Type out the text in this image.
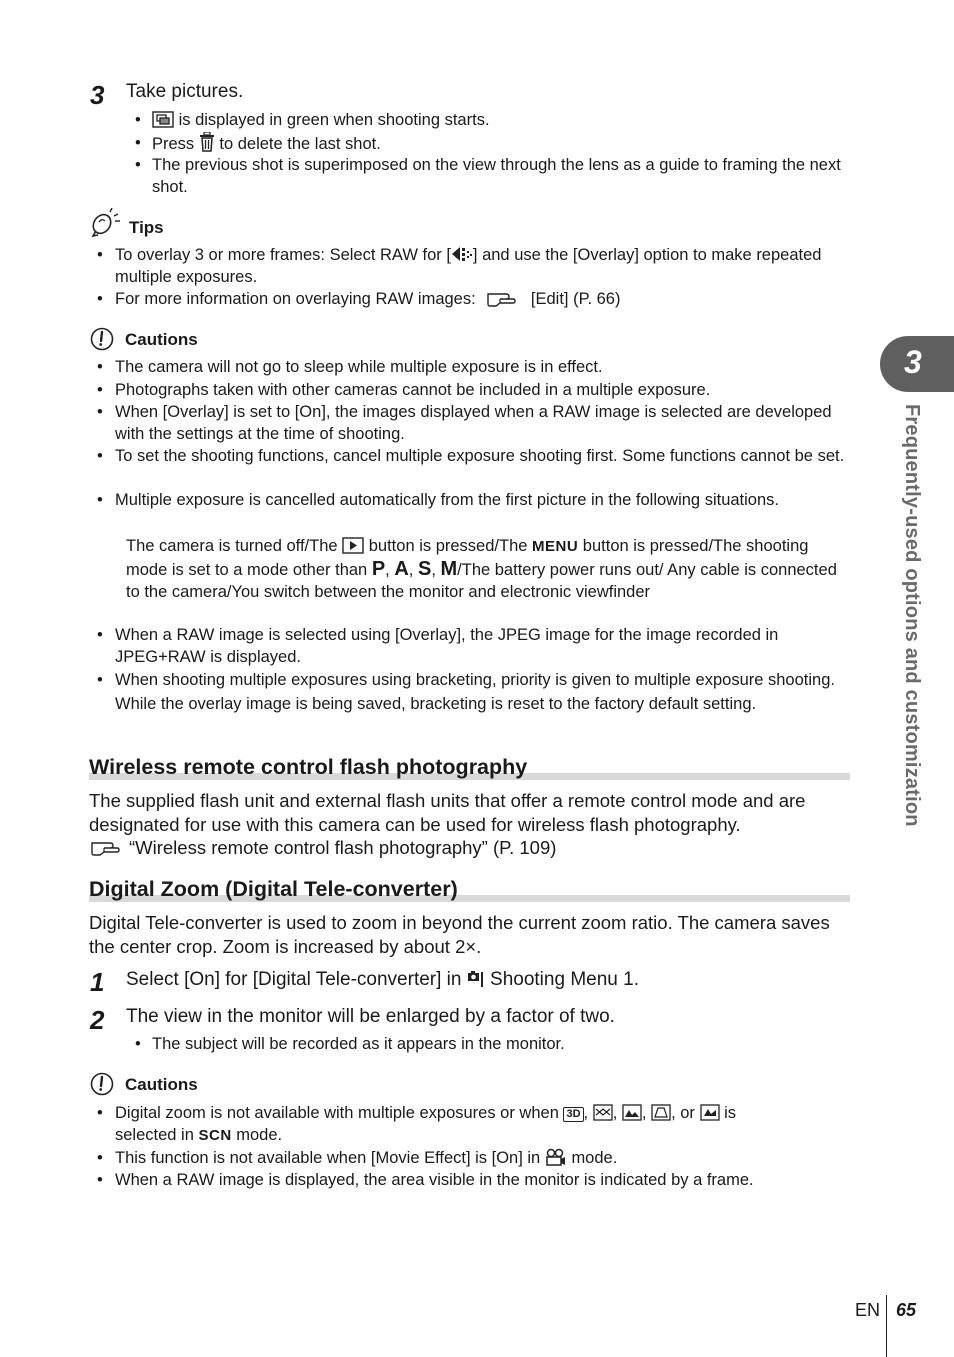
3 Take pictures.
• is displayed in green when shooting starts.
• Press to delete the last shot.
• The previous shot is superimposed on the view through the lens as a guide to framing the next shot.
Tips
• To overlay 3 or more frames: Select RAW for [ ] and use the [Overlay] option to make repeated multiple exposures.
• For more information on overlaying RAW images:	[Edit] (P. 66)
Cautions
• The camera will not go to sleep while multiple exposure is in effect.
• Photographs taken with other cameras cannot be included in a multiple exposure.
• When [Overlay] is set to [On], the images displayed when a RAW image is selected are developed with the settings at the time of shooting.
• To set the shooting functions, cancel multiple exposure shooting first. Some functions cannot be set.
• Multiple exposure is cancelled automatically from the first picture in the following situations.
The camera is turned off/The button is pressed/The MENU button is pressed/The shooting mode is set to a mode other than P, A, S, M/The battery power runs out/ Any cable is connected to the camera/You switch between the monitor and electronic viewfinder
• When a RAW image is selected using [Overlay], the JPEG image for the image recorded in JPEG+RAW is displayed.
• When shooting multiple exposures using bracketing, priority is given to multiple exposure shooting. While the overlay image is being saved, bracketing is reset to the factory default setting.
Wireless remote control flash photography
The supplied flash unit and external flash units that offer a remote control mode and are designated for use with this camera can be used for wireless flash photography.
“Wireless remote control flash photography” (P. 109)
Digital Zoom (Digital Tele-converter)
Digital Tele-converter is used to zoom in beyond the current zoom ratio. The camera saves the center crop. Zoom is increased by about 2×.
1 Select [On] for [Digital Tele-converter] in Shooting Menu 1.
2 The view in the monitor will be enlarged by a factor of two.
• The subject will be recorded as it appears in the monitor.
Cautions
• Digital zoom is not available with multiple exposures or when 3D , , , , or is
selected in SCN mode.
• This function is not available when [Movie Effect] is [On] in mode.
• When a RAW image is displayed, the area visible in the monitor is indicated by a frame.
3
Frequently-used options and customization
EN 65
